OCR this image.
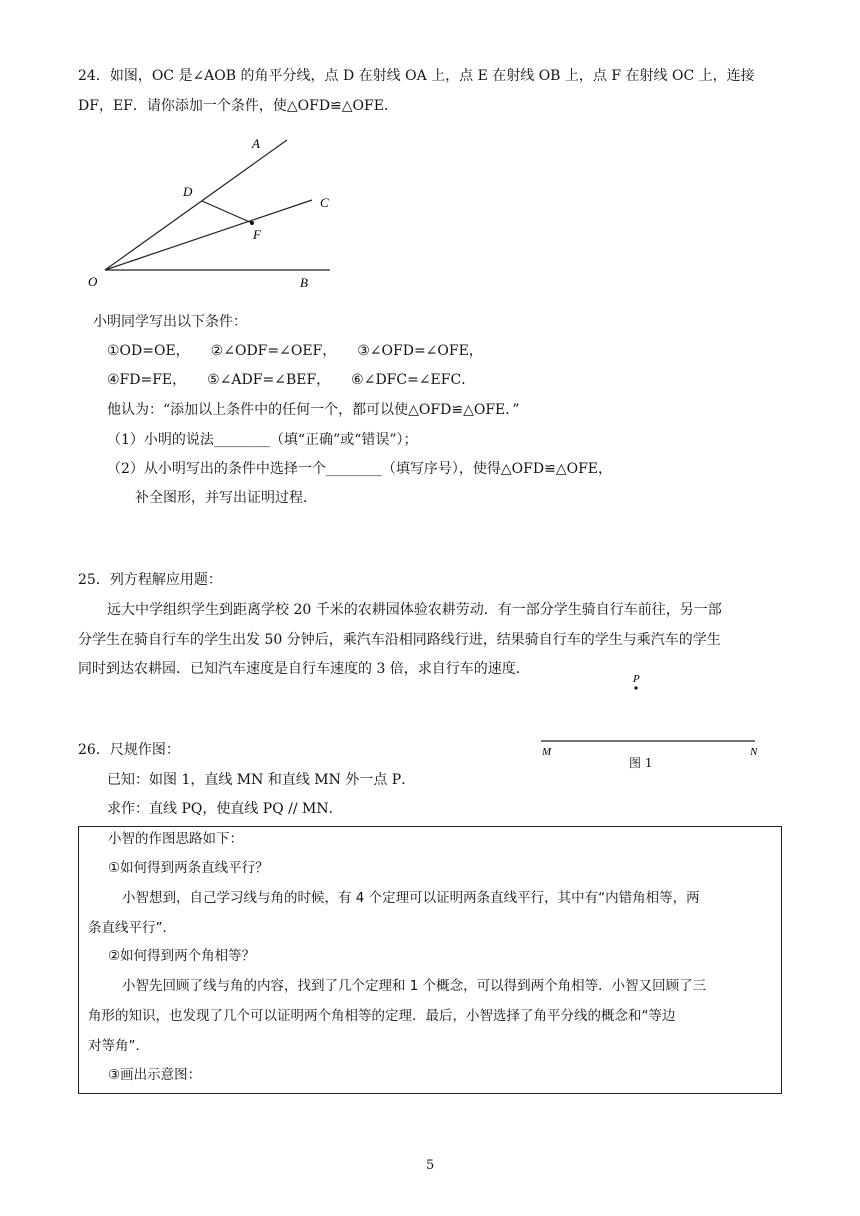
24．如图，OC 是∠AOB 的角平分线，点 D 在射线 OA 上，点 E 在射线 OB 上，点 F 在射线 OC 上，连接
DF，EF．请你添加一个条件，使△OFD≌△OFE．
A
C
D
F
O	B
小明同学写出以下条件：
①OD=OE，　　②∠ODF=∠OEF，　　③∠OFD=∠OFE，
④FD=FE，　　⑤∠ADF=∠BEF，　　⑥∠DFC=∠EFC．
他认为：“添加以上条件中的任何一个，都可以使△OFD≌△OFE．”
（1）小明的说法________（填“正确”或“错误”）；
（2）从小明写出的条件中选择一个________（填写序号），使得△OFD≌△OFE，
补全图形，并写出证明过程．
25．列方程解应用题：
远大中学组织学生到距离学校 20 千米的农耕园体验农耕劳动．有一部分学生骑自行车前往，另一部
分学生在骑自行车的学生出发 50 分钟后，乘汽车沿相同路线行进，结果骑自行车的学生与乘汽车的学生
同时到达农耕园．已知汽车速度是自行车速度的 3 倍，求自行车的速度．
P
M	N
图 1
26．尺规作图：
已知：如图 1，直线 MN 和直线 MN 外一点 P．
求作：直线 PQ，使直线 PQ // MN．
小智的作图思路如下：
①如何得到两条直线平行？
小智想到，自己学习线与角的时候，有 4 个定理可以证明两条直线平行，其中有“内错角相等，两
条直线平行”．
②如何得到两个角相等？
小智先回顾了线与角的内容，找到了几个定理和 1 个概念，可以得到两个角相等．小智又回顾了三
角形的知识，也发现了几个可以证明两个角相等的定理．最后，小智选择了角平分线的概念和“等边
对等角”．
③画出示意图：
5
